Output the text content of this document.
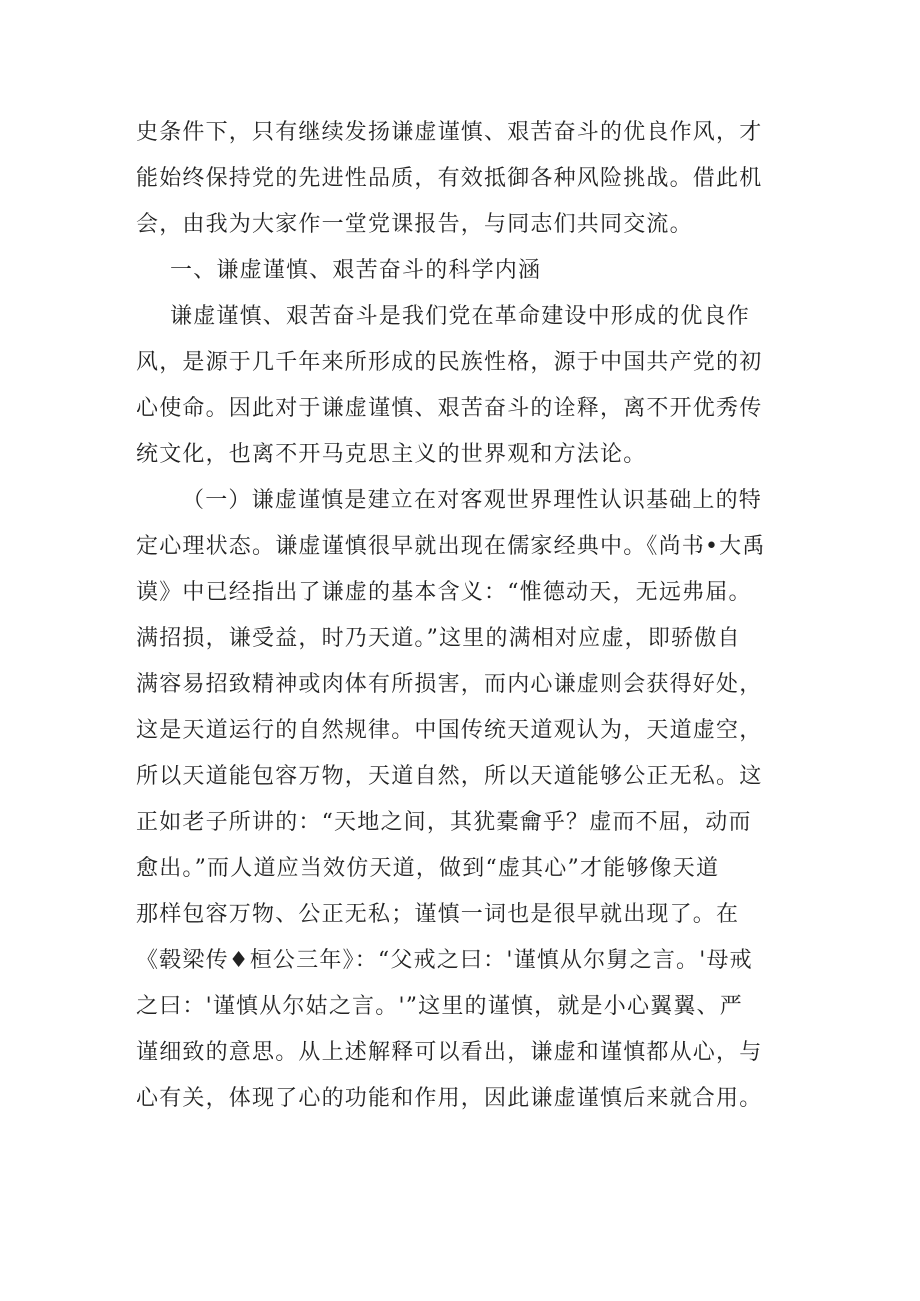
史条件下，只有继续发扬谦虚谨慎、艰苦奋斗的优良作风，才
能始终保持党的先进性品质，有效抵御各种风险挑战。借此机
会，由我为大家作一堂党课报告，与同志们共同交流。
一、谦虚谨慎、艰苦奋斗的科学内涵
谦虚谨慎、艰苦奋斗是我们党在革命建设中形成的优良作
风，是源于几千年来所形成的民族性格，源于中国共产党的初
心使命。因此对于谦虚谨慎、艰苦奋斗的诠释，离不开优秀传
统文化，也离不开马克思主义的世界观和方法论。
（一）谦虚谨慎是建立在对客观世界理性认识基础上的特
定心理状态。谦虚谨慎很早就出现在儒家经典中。《尚书•大禹
谟》中已经指出了谦虚的基本含义：“惟德动天，无远弗届。
满招损，谦受益，时乃天道。”这里的满相对应虚，即骄傲自
满容易招致精神或肉体有所损害，而内心谦虚则会获得好处，
这是天道运行的自然规律。中国传统天道观认为，天道虚空，
所以天道能包容万物，天道自然，所以天道能够公正无私。这
正如老子所讲的：“天地之间，其犹橐龠乎？虚而不屈，动而
愈出。”而人道应当效仿天道，做到“虚其心”才能够像天道
那样包容万物、公正无私；谨慎一词也是很早就出现了。在
《毂梁传♦桓公三年》：“父戒之曰：'谨慎从尔舅之言。'母戒
之曰：'谨慎从尔姑之言。'”这里的谨慎，就是小心翼翼、严
谨细致的意思。从上述解释可以看出，谦虚和谨慎都从心，与
心有关，体现了心的功能和作用，因此谦虚谨慎后来就合用。
